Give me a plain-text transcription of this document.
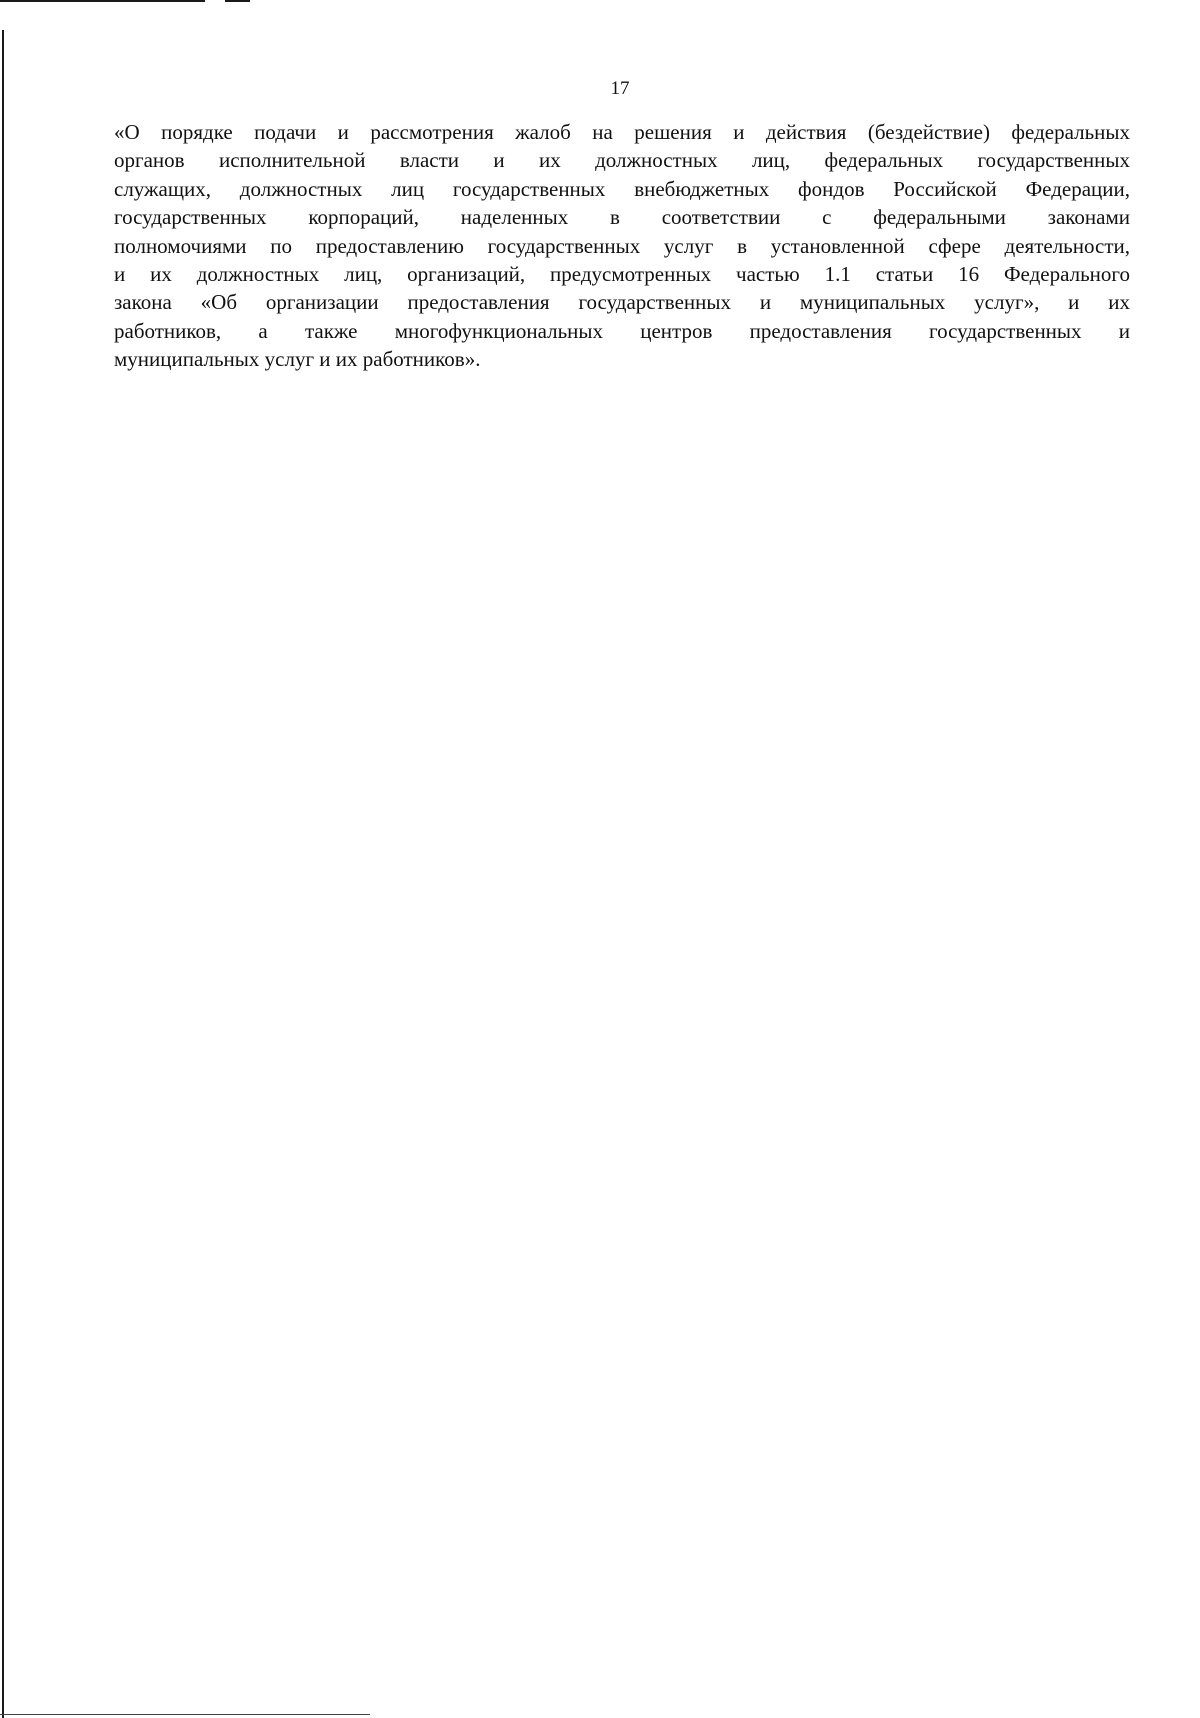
17

«О порядке подачи и рассмотрения жалоб на решения и действия (бездействие) федеральных
органов исполнительной власти и их должностных лиц, федеральных государственных
служащих, должностных лиц государственных внебюджетных фондов Российской Федерации,
государственных корпораций, наделенных в соответствии с федеральными законами
полномочиями по предоставлению государственных услуг в установленной сфере деятельности,
и их должностных лиц, организаций, предусмотренных частью 1.1 статьи 16 Федерального
закона «Об организации предоставления государственных и муниципальных услуг», и их
работников, а также многофункциональных центров предоставления государственных и
муниципальных услуг и их работников».
